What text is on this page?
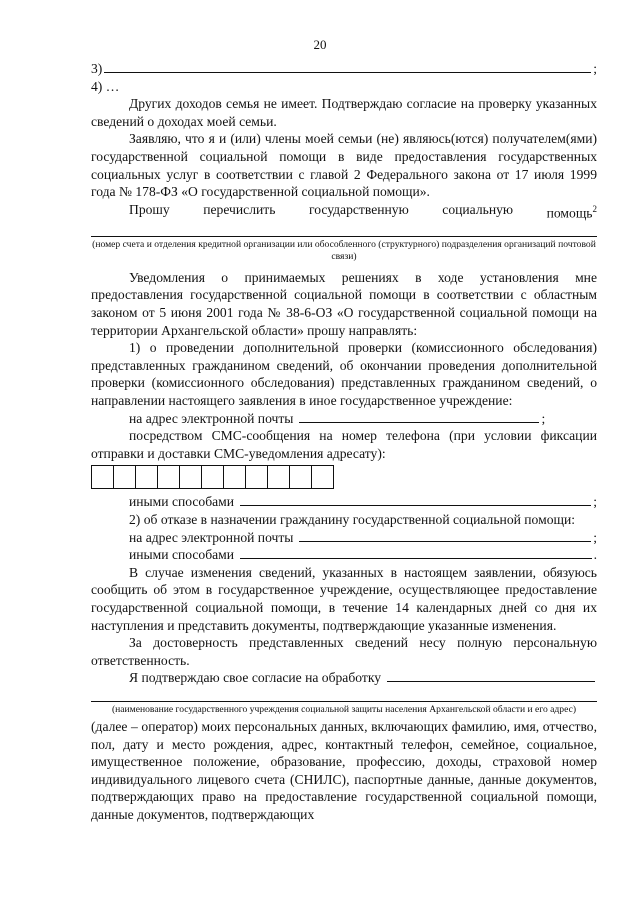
20
3)	;

4) …

Других доходов семья не имеет. Подтверждаю согласие на проверку указанных сведений о доходах моей семьи.

Заявляю, что я и (или) члены моей семьи (не) являюсь(ются) получателем(ями) государственной социальной помощи в виде предоставления государственных социальных услуг в соответствии с главой 2 Федерального закона от 17 июля 1999 года № 178-ФЗ «О государственной социальной помощи».

Прошу перечислить государственную социальную помощь$^2$

(номер счета и отделения кредитной организации или обособленного (структурного) подразделения организаций почтовой связи)

Уведомления о принимаемых решениях в ходе установления мне предоставления государственной социальной помощи в соответствии с областным законом от 5 июня 2001 года № 38-6-ОЗ «О государственной социальной помощи на территории Архангельской области» прошу направлять:

1) о проведении дополнительной проверки (комиссионного обследования) представленных гражданином сведений, об окончании проведения дополнительной проверки (комиссионного обследования) представленных гражданином сведений, о направлении настоящего заявления в иное государственное учреждение:

на адрес электронной почты	;

посредством СМС-сообщения на номер телефона (при условии фиксации отправки и доставки СМС-уведомления адресату):

иными способами	;

2) об отказе в назначении гражданину государственной социальной помощи:

на адрес электронной почты	;
иными способами	.

В случае изменения сведений, указанных в настоящем заявлении, обязуюсь сообщить об этом в государственное учреждение, осуществляющее предоставление государственной социальной помощи, в течение 14 календарных дней со дня их наступления и представить документы, подтверждающие указанные изменения.

За достоверность представленных сведений несу полную персональную ответственность.

Я подтверждаю свое согласие на обработку

(наименование государственного учреждения социальной защиты населения Архангельской области и его адрес)

(далее – оператор) моих персональных данных, включающих фамилию, имя, отчество, пол, дату и место рождения, адрес, контактный телефон, семейное, социальное, имущественное положение, образование, профессию, доходы, страховой номер индивидуального лицевого счета (СНИЛС), паспортные данные, данные документов, подтверждающих право на предоставление государственной социальной помощи, данные документов, подтверждающих
